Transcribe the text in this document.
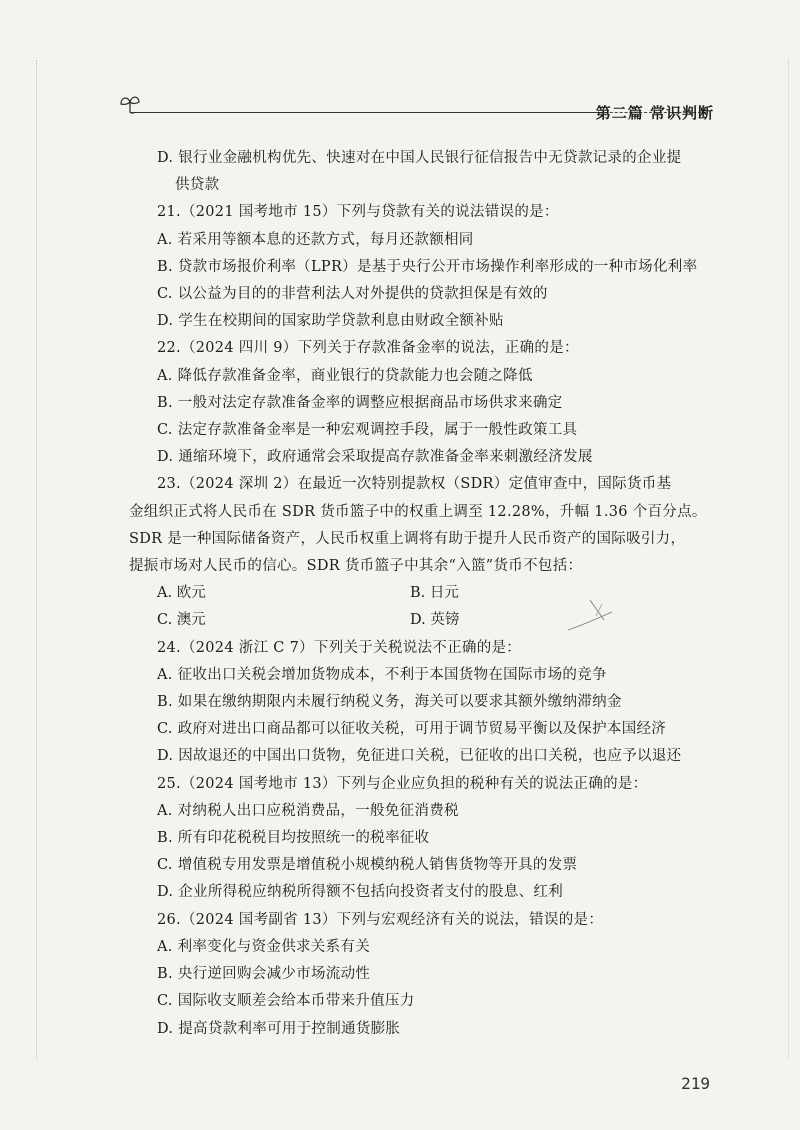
第二篇 常识判断
D. 银行业金融机构优先、快速对在中国人民银行征信报告中无贷款记录的企业提
供贷款
21.（2021 国考地市 15）下列与贷款有关的说法错误的是：
A. 若采用等额本息的还款方式，每月还款额相同
B. 贷款市场报价利率（LPR）是基于央行公开市场操作利率形成的一种市场化利率
C. 以公益为目的的非营利法人对外提供的贷款担保是有效的
D. 学生在校期间的国家助学贷款利息由财政全额补贴
22.（2024 四川 9）下列关于存款准备金率的说法，正确的是：
A. 降低存款准备金率，商业银行的贷款能力也会随之降低
B. 一般对法定存款准备金率的调整应根据商品市场供求来确定
C. 法定存款准备金率是一种宏观调控手段，属于一般性政策工具
D. 通缩环境下，政府通常会采取提高存款准备金率来刺激经济发展
23.（2024 深圳 2）在最近一次特别提款权（SDR）定值审查中，国际货币基
金组织正式将人民币在 SDR 货币篮子中的权重上调至 12.28%，升幅 1.36 个百分点。
SDR 是一种国际储备资产，人民币权重上调将有助于提升人民币资产的国际吸引力，
提振市场对人民币的信心。SDR 货币篮子中其余“入篮”货币不包括：
A. 欧元	B. 日元
C. 澳元	D. 英镑
24.（2024 浙江 C 7）下列关于关税说法不正确的是：
A. 征收出口关税会增加货物成本，不利于本国货物在国际市场的竞争
B. 如果在缴纳期限内未履行纳税义务，海关可以要求其额外缴纳滞纳金
C. 政府对进出口商品都可以征收关税，可用于调节贸易平衡以及保护本国经济
D. 因故退还的中国出口货物，免征进口关税，已征收的出口关税，也应予以退还
25.（2024 国考地市 13）下列与企业应负担的税种有关的说法正确的是：
A. 对纳税人出口应税消费品，一般免征消费税
B. 所有印花税税目均按照统一的税率征收
C. 增值税专用发票是增值税小规模纳税人销售货物等开具的发票
D. 企业所得税应纳税所得额不包括向投资者支付的股息、红利
26.（2024 国考副省 13）下列与宏观经济有关的说法，错误的是：
A. 利率变化与资金供求关系有关
B. 央行逆回购会减少市场流动性
C. 国际收支顺差会给本币带来升值压力
D. 提高贷款利率可用于控制通货膨胀
219
